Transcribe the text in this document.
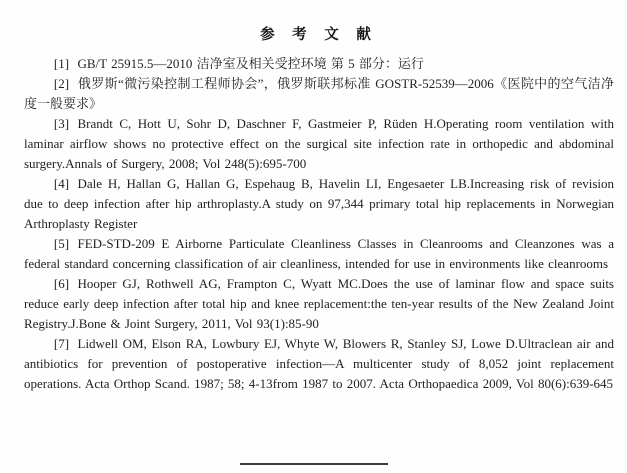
参 考 文 献

[1] GB/T 25915.5—2010 洁净室及相关受控环境 第 5 部分：运行

[2] 俄罗斯“微污染控制工程师协会”，俄罗斯联邦标准 GOSTR-52539—2006《医院中的空气洁净度一般要求》

[3] Brandt C, Hott U, Sohr D, Daschner F, Gastmeier P, Rüden H.Operating room ventilation with laminar airflow shows no protective effect on the surgical site infection rate in orthopedic and abdominal surgery.Annals of Surgery, 2008; Vol 248(5):695-700

[4] Dale H, Hallan G, Hallan G, Espehaug B, Havelin LI, Engesaeter LB.Increasing risk of revision due to deep infection after hip arthroplasty.A study on 97,344 primary total hip replacements in Norwegian Arthroplasty Register

[5] FED-STD-209 E Airborne Particulate Cleanliness Classes in Cleanrooms and Cleanzones was a federal standard concerning classification of air cleanliness, intended for use in environments like cleanrooms

[6] Hooper GJ, Rothwell AG, Frampton C, Wyatt MC.Does the use of laminar flow and space suits reduce early deep infection after total hip and knee replacement:the ten-year results of the New Zealand Joint Registry.J.Bone & Joint Surgery, 2011, Vol 93(1):85-90

[7] Lidwell OM, Elson RA, Lowbury EJ, Whyte W, Blowers R, Stanley SJ, Lowe D.Ultraclean air and antibiotics for prevention of postoperative infection—A multicenter study of 8,052 joint replacement operations. Acta Orthop Scand. 1987; 58; 4-13from 1987 to 2007. Acta Orthopaedica 2009, Vol 80(6):639-645
